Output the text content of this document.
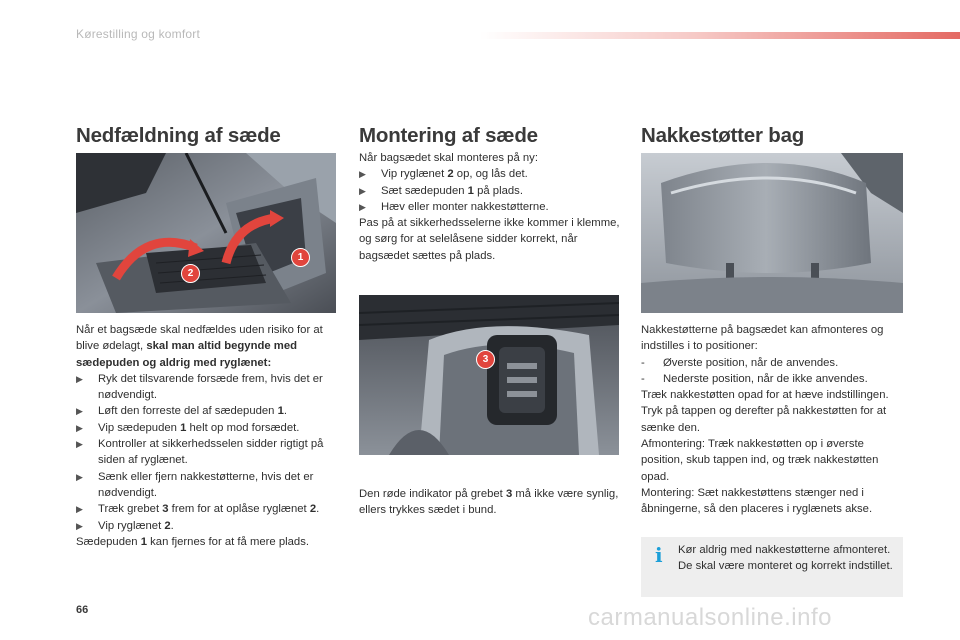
Kørestilling og komfort
Nedfældning af sæde
2
1

Når et bagsæde skal nedfældes uden risiko for at blive ødelagt, skal man altid begynde med sædepuden og aldrig med ryglænet:

▶	Ryk det tilsvarende forsæde frem, hvis det er nødvendigt.
▶	Løft den forreste del af sædepuden 1.
▶	Vip sædepuden 1 helt op mod forsædet.
▶	Kontroller at sikkerhedsselen sidder rigtigt på siden af ryglænet.
▶	Sænk eller fjern nakkestøtterne, hvis det er nødvendigt.
▶	Træk grebet 3 frem for at oplåse ryglænet 2.
▶	Vip ryglænet 2.

Sædepuden 1 kan fjernes for at få mere plads.

Montering af sæde

Når bagsædet skal monteres på ny:

▶	Vip ryglænet 2 op, og lås det.
▶	Sæt sædepuden 1 på plads.
▶	Hæv eller monter nakkestøtterne.

Pas på at sikkerhedsselerne ikke kommer i klemme, og sørg for at selelåsene sidder korrekt, når bagsædet sættes på plads.

3

Den røde indikator på grebet 3 må ikke være synlig, ellers trykkes sædet i bund.

Nakkestøtter bag

Nakkestøtterne på bagsædet kan afmonteres og indstilles i to positioner:

-	Øverste position, når de anvendes.
-	Nederste position, når de ikke anvendes.

Træk nakkestøtten opad for at hæve indstillingen.

Tryk på tappen og derefter på nakkestøtten for at sænke den.

Afmontering: Træk nakkestøtten op i øverste position, skub tappen ind, og træk nakkestøtten opad.

Montering: Sæt nakkestøttens stænger ned i åbningerne, så den placeres i ryglænets akse.

i Kør aldrig med nakkestøtterne afmonteret. De skal være monteret og korrekt indstillet.
66	carmanualsonline.info
